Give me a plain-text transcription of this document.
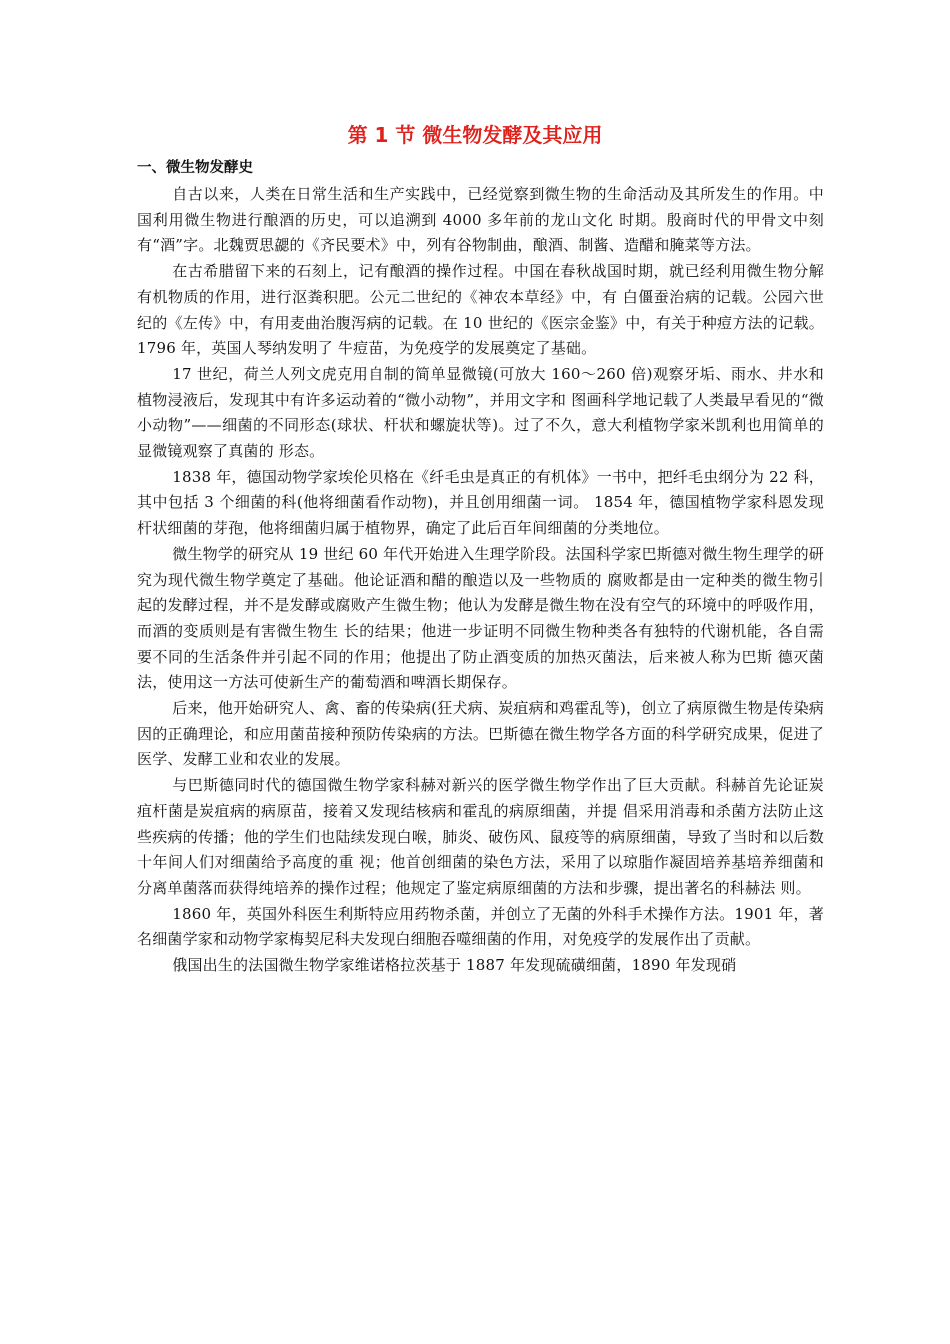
第 1 节 微生物发酵及其应用
一、微生物发酵史

自古以来，人类在日常生活和生产实践中，已经觉察到微生物的生命活动及其所发生的作用。中国利用微生物进行酿酒的历史，可以追溯到 4000 多年前的龙山文化 时期。殷商时代的甲骨文中刻有“酒”字。北魏贾思勰的《齐民要术》中，列有谷物制曲，酿酒、制酱、造醋和腌菜等方法。

在古希腊留下来的石刻上，记有酿酒的操作过程。中国在春秋战国时期，就已经利用微生物分解有机物质的作用，进行沤粪积肥。公元二世纪的《神农本草经》中，有 白僵蚕治病的记载。公园六世纪的《左传》中，有用麦曲治腹泻病的记载。在 10 世纪的《医宗金鉴》中，有关于种痘方法的记载。1796 年，英国人琴纳发明了 牛痘苗，为免疫学的发展奠定了基础。

17 世纪，荷兰人列文虎克用自制的简单显微镜(可放大 160～260 倍)观察牙垢、雨水、井水和植物浸液后，发现其中有许多运动着的“微小动物”，并用文字和 图画科学地记载了人类最早看见的“微小动物”——细菌的不同形态(球状、杆状和螺旋状等)。过了不久，意大利植物学家米凯利也用简单的显微镜观察了真菌的 形态。

1838 年，德国动物学家埃伦贝格在《纤毛虫是真正的有机体》一书中，把纤毛虫纲分为 22 科，其中包括 3 个细菌的科(他将细菌看作动物)，并且创用细菌一词。 1854 年，德国植物学家科恩发现杆状细菌的芽孢，他将细菌归属于植物界，确定了此后百年间细菌的分类地位。

微生物学的研究从 19 世纪 60 年代开始进入生理学阶段。法国科学家巴斯德对微生物生理学的研究为现代微生物学奠定了基础。他论证酒和醋的酿造以及一些物质的 腐败都是由一定种类的微生物引起的发酵过程，并不是发酵或腐败产生微生物；他认为发酵是微生物在没有空气的环境中的呼吸作用，而酒的变质则是有害微生物生 长的结果；他进一步证明不同微生物种类各有独特的代谢机能，各自需要不同的生活条件并引起不同的作用；他提出了防止酒变质的加热灭菌法，后来被人称为巴斯 德灭菌法，使用这一方法可使新生产的葡萄酒和啤酒长期保存。

后来，他开始研究人、禽、畜的传染病(狂犬病、炭疽病和鸡霍乱等)，创立了病原微生物是传染病因的正确理论，和应用菌苗接种预防传染病的方法。巴斯德在微生物学各方面的科学研究成果，促进了医学、发酵工业和农业的发展。

与巴斯德同时代的德国微生物学家科赫对新兴的医学微生物学作出了巨大贡献。科赫首先论证炭疽杆菌是炭疽病的病原苗，接着又发现结核病和霍乱的病原细菌，并提 倡采用消毒和杀菌方法防止这些疾病的传播；他的学生们也陆续发现白喉，肺炎、破伤风、鼠疫等的病原细菌，导致了当时和以后数十年间人们对细菌给予高度的重 视；他首创细菌的染色方法，采用了以琼脂作凝固培养基培养细菌和分离单菌落而获得纯培养的操作过程；他规定了鉴定病原细菌的方法和步骤，提出著名的科赫法 则。

1860 年，英国外科医生利斯特应用药物杀菌，并创立了无菌的外科手术操作方法。1901 年，著名细菌学家和动物学家梅契尼科夫发现白细胞吞噬细菌的作用，对免疫学的发展作出了贡献。

俄国出生的法国微生物学家维诺格拉茨基于 1887 年发现硫磺细菌，1890 年发现硝
